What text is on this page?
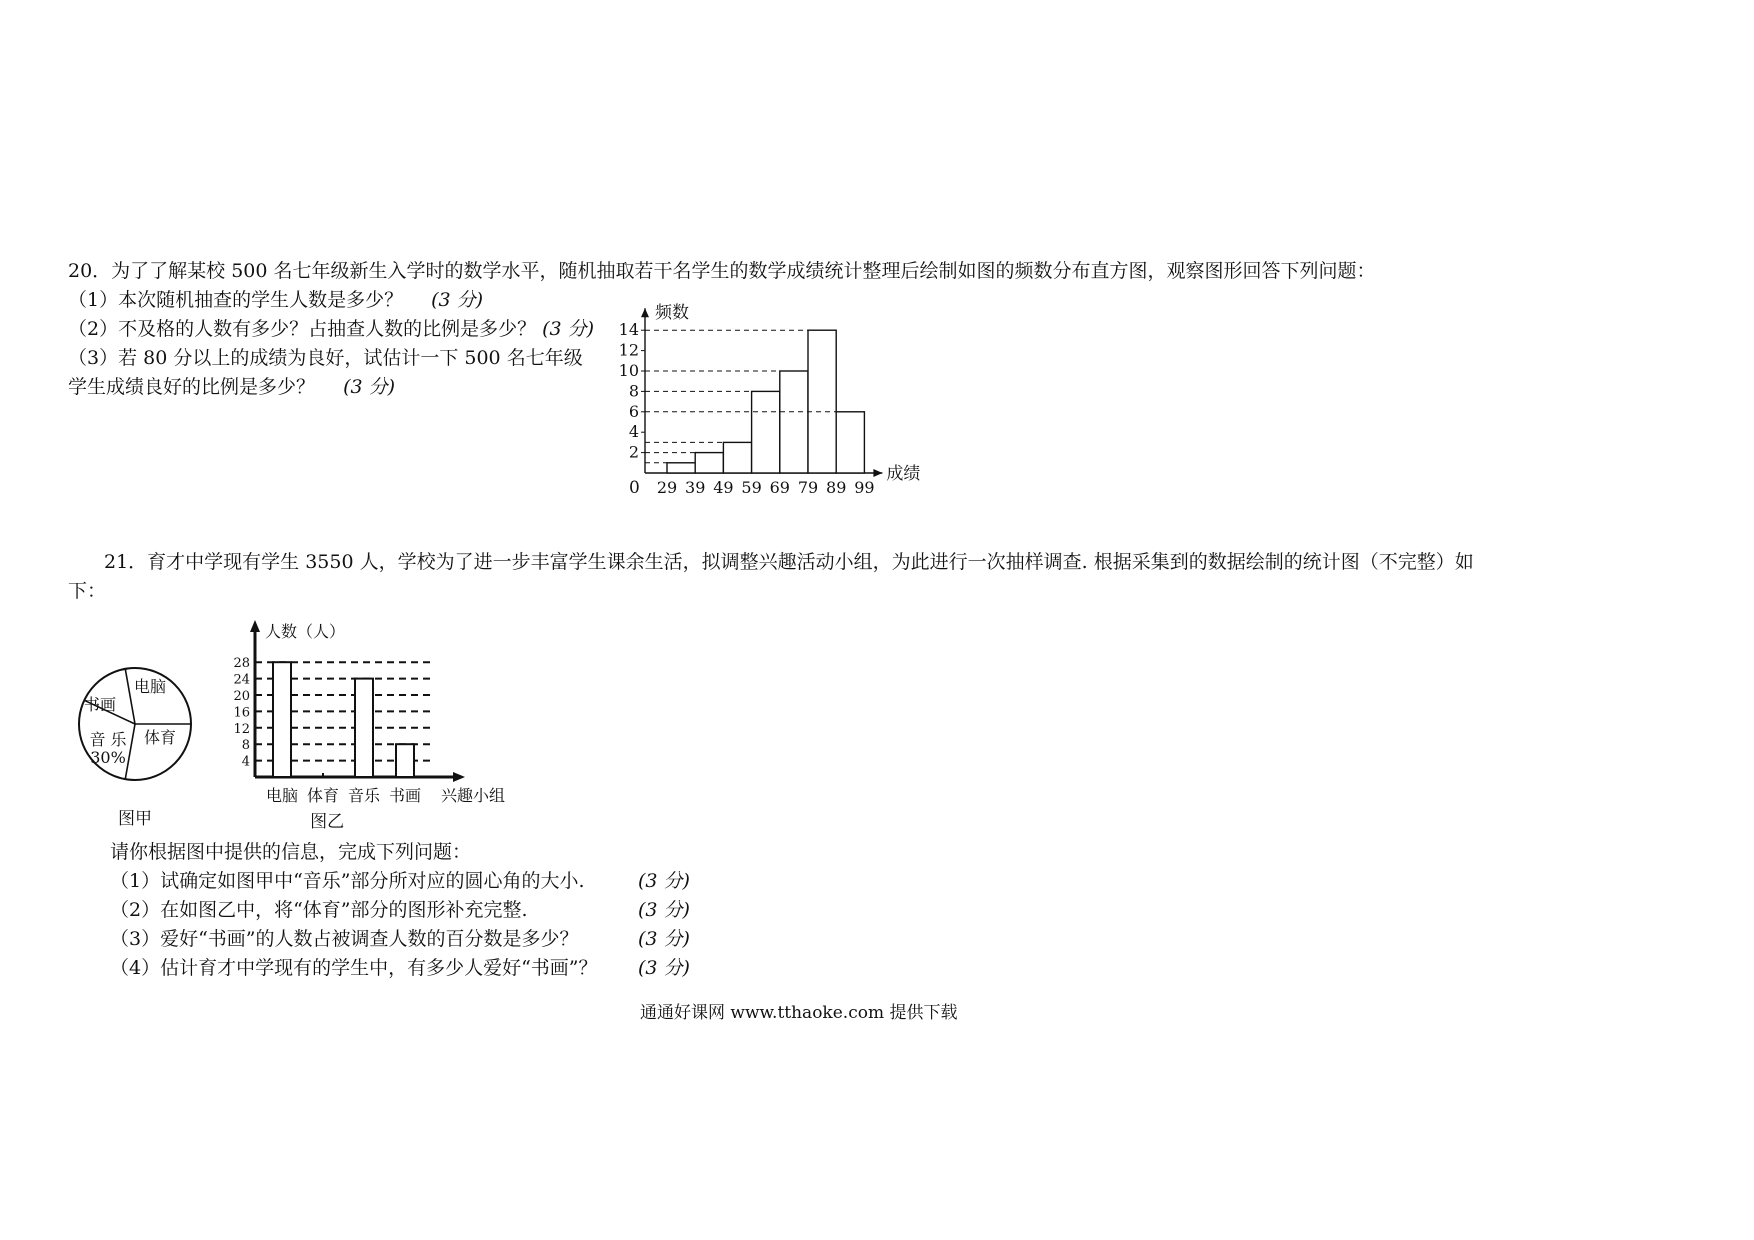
20．为了了解某校 500 名七年级新生入学时的数学水平，随机抽取若干名学生的数学成绩统计整理后绘制如图的频数分布直方图，观察图形回答下列问题：
（1）本次随机抽查的学生人数是多少？ (3 分)
（2）不及格的人数有多少？占抽查人数的比例是多少？ (3 分)
（3）若 80 分以上的成绩为良好，试估计一下 500 名七年级
学生成绩良好的比例是多少？ (3 分)
频数
成绩
0
2
4
6
8
10
12
14
29 39 49 59 69 79 89 99
21．育才中学现有学生 3550 人，学校为了进一步丰富学生课余生活，拟调整兴趣活动小组，为此进行一次抽样调查. 根据采集到的数据绘制的统计图（不完整）如
下：
电脑
体育
音 乐
30%
书画
图甲
人数（人）
兴趣小组
4
8
12
16
20
24
28
电脑 体育 音乐 书画
图乙
请你根据图中提供的信息，完成下列问题：
（1）试确定如图甲中“音乐”部分所对应的圆心角的大小.	(3 分)
（2）在如图乙中，将“体育”部分的图形补充完整.	(3 分)
（3）爱好“书画”的人数占被调查人数的百分数是多少？	(3 分)
（4）估计育才中学现有的学生中，有多少人爱好“书画”？ (3 分)
通通好课网 www.tthaoke.com 提供下载
